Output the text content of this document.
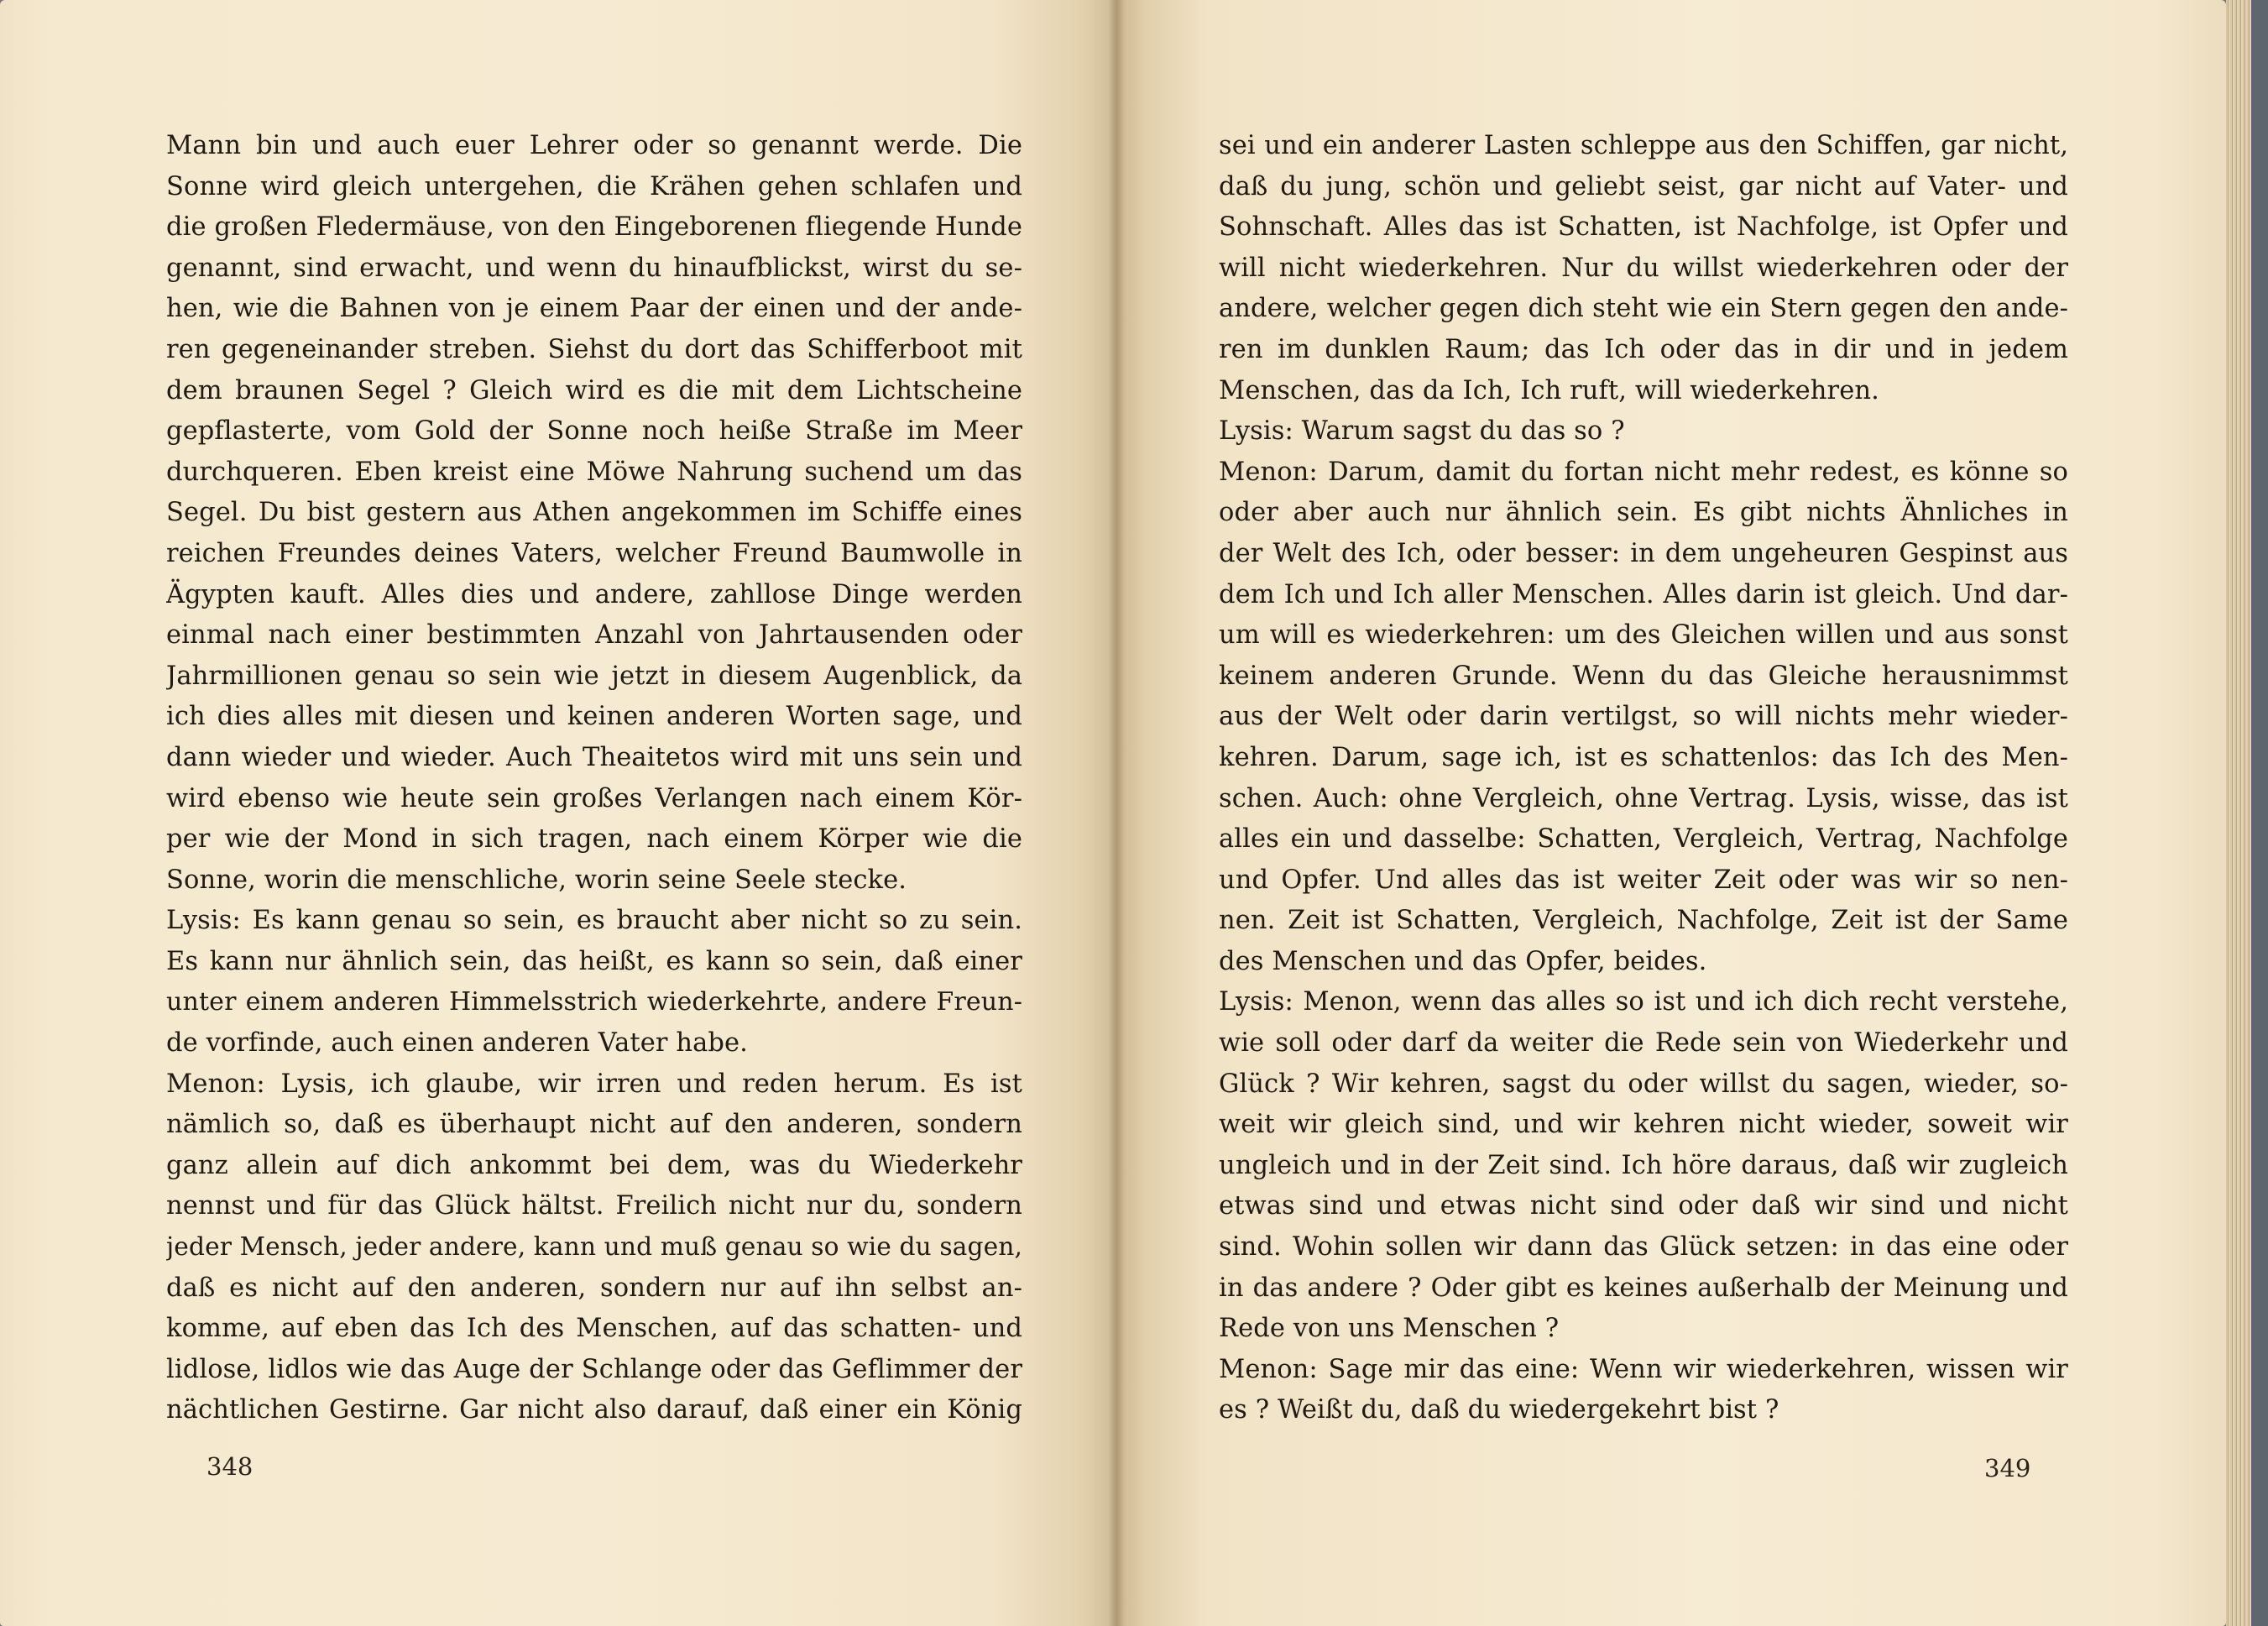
Mann bin und auch euer Lehrer oder so genannt werde. Die

Sonne wird gleich untergehen, die Krähen gehen schlafen und

die großen Fledermäuse, von den Eingeborenen fliegende Hunde

genannt, sind erwacht, und wenn du hinaufblickst, wirst du se-

hen, wie die Bahnen von je einem Paar der einen und der ande-

ren gegeneinander streben. Siehst du dort das Schifferboot mit

dem braunen Segel ? Gleich wird es die mit dem Lichtscheine

gepflasterte, vom Gold der Sonne noch heiße Straße im Meer

durchqueren. Eben kreist eine Möwe Nahrung suchend um das

Segel. Du bist gestern aus Athen angekommen im Schiffe eines

reichen Freundes deines Vaters, welcher Freund Baumwolle in

Ägypten kauft. Alles dies und andere, zahllose Dinge werden

einmal nach einer bestimmten Anzahl von Jahrtausenden oder

Jahrmillionen genau so sein wie jetzt in diesem Augenblick, da

ich dies alles mit diesen und keinen anderen Worten sage, und

dann wieder und wieder. Auch Theaitetos wird mit uns sein und

wird ebenso wie heute sein großes Verlangen nach einem Kör-

per wie der Mond in sich tragen, nach einem Körper wie die

Sonne, worin die menschliche, worin seine Seele stecke.

Lysis: Es kann genau so sein, es braucht aber nicht so zu sein.

Es kann nur ähnlich sein, das heißt, es kann so sein, daß einer

unter einem anderen Himmelsstrich wiederkehrte, andere Freun-

de vorfinde, auch einen anderen Vater habe.

Menon: Lysis, ich glaube, wir irren und reden herum. Es ist

nämlich so, daß es überhaupt nicht auf den anderen, sondern

ganz allein auf dich ankommt bei dem, was du Wiederkehr

nennst und für das Glück hältst. Freilich nicht nur du, sondern

jeder Mensch, jeder andere, kann und muß genau so wie du sagen,

daß es nicht auf den anderen, sondern nur auf ihn selbst an-

komme, auf eben das Ich des Menschen, auf das schatten- und

lidlose, lidlos wie das Auge der Schlange oder das Geflimmer der

nächtlichen Gestirne. Gar nicht also darauf, daß einer ein König

348

sei und ein anderer Lasten schleppe aus den Schiffen, gar nicht,

daß du jung, schön und geliebt seist, gar nicht auf Vater- und

Sohnschaft. Alles das ist Schatten, ist Nachfolge, ist Opfer und

will nicht wiederkehren. Nur du willst wiederkehren oder der

andere, welcher gegen dich steht wie ein Stern gegen den ande-

ren im dunklen Raum; das Ich oder das in dir und in jedem

Menschen, das da Ich, Ich ruft, will wiederkehren.

Lysis: Warum sagst du das so ?

Menon: Darum, damit du fortan nicht mehr redest, es könne so

oder aber auch nur ähnlich sein. Es gibt nichts Ähnliches in

der Welt des Ich, oder besser: in dem ungeheuren Gespinst aus

dem Ich und Ich aller Menschen. Alles darin ist gleich. Und dar-

um will es wiederkehren: um des Gleichen willen und aus sonst

keinem anderen Grunde. Wenn du das Gleiche herausnimmst

aus der Welt oder darin vertilgst, so will nichts mehr wieder-

kehren. Darum, sage ich, ist es schattenlos: das Ich des Men-

schen. Auch: ohne Vergleich, ohne Vertrag. Lysis, wisse, das ist

alles ein und dasselbe: Schatten, Vergleich, Vertrag, Nachfolge

und Opfer. Und alles das ist weiter Zeit oder was wir so nen-

nen. Zeit ist Schatten, Vergleich, Nachfolge, Zeit ist der Same

des Menschen und das Opfer, beides.

Lysis: Menon, wenn das alles so ist und ich dich recht verstehe,

wie soll oder darf da weiter die Rede sein von Wiederkehr und

Glück ? Wir kehren, sagst du oder willst du sagen, wieder, so-

weit wir gleich sind, und wir kehren nicht wieder, soweit wir

ungleich und in der Zeit sind. Ich höre daraus, daß wir zugleich

etwas sind und etwas nicht sind oder daß wir sind und nicht

sind. Wohin sollen wir dann das Glück setzen: in das eine oder

in das andere ? Oder gibt es keines außerhalb der Meinung und

Rede von uns Menschen ?

Menon: Sage mir das eine: Wenn wir wiederkehren, wissen wir

es ? Weißt du, daß du wiedergekehrt bist ?

349
